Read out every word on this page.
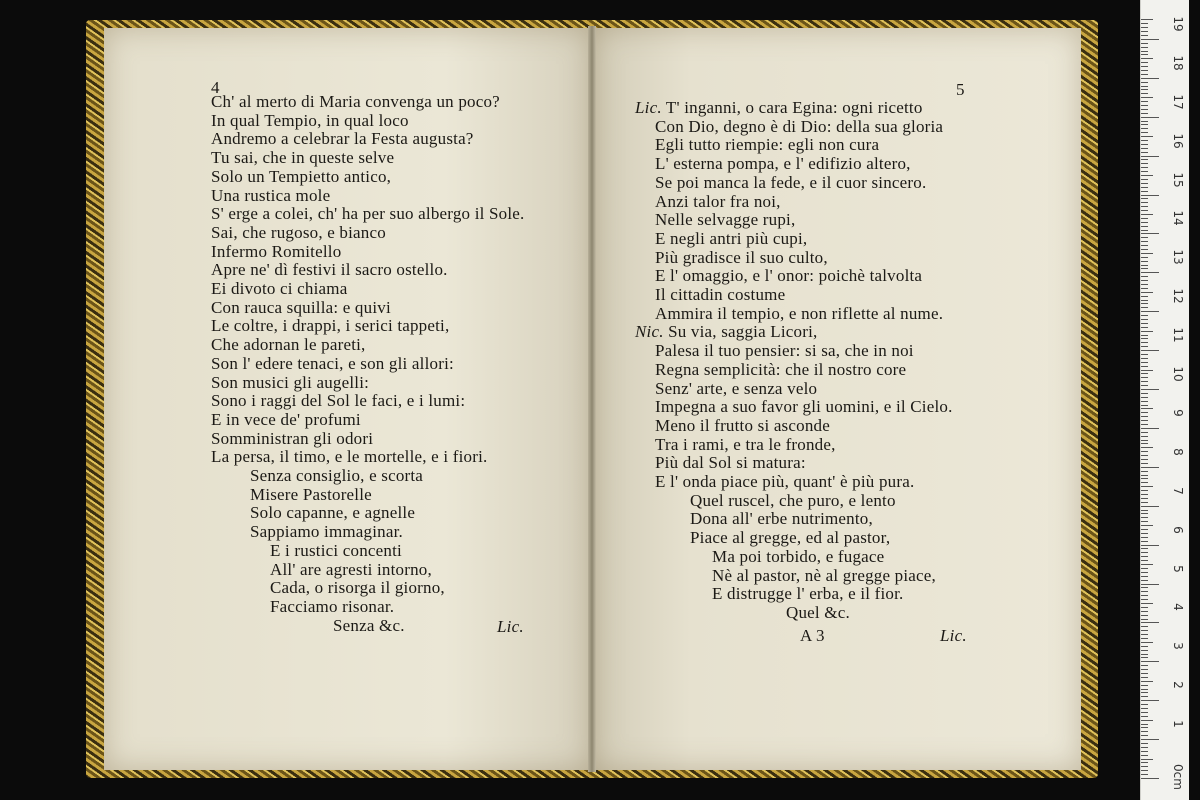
4	5
Ch' al merto di Maria convenga un poco?
In qual Tempio, in qual loco
Andremo a celebrar la Festa augusta?
Tu sai, che in queste selve
Solo un Tempietto antico,
Una rustica mole
S' erge a colei, ch' ha per suo albergo il Sole.
Sai, che rugoso, e bianco
Infermo Romitello
Apre ne' dì festivi il sacro ostello.
Ei divoto ci chiama
Con rauca squilla: e quivi
Le coltre, i drappi, i serici tappeti,
Che adornan le pareti,
Son l' edere tenaci, e son gli allori:
Son musici gli augelli:
Sono i raggi del Sol le faci, e i lumi:
E in vece de' profumi
Somministran gli odori
La persa, il timo, e le mortelle, e i fiori.
Senza consiglio, e scorta
Misere Pastorelle
Solo capanne, e agnelle
Sappiamo immaginar.
E i rustici concenti
All' are agresti intorno,
Cada, o risorga il giorno,
Facciamo risonar.
Senza &c.
Lic. T' inganni, o cara Egina: ogni ricetto
Con Dio, degno è di Dio: della sua gloria
Egli tutto riempie: egli non cura
L' esterna pompa, e l' edifizio altero,
Se poi manca la fede, e il cuor sincero.
Anzi talor fra noi,
Nelle selvagge rupi,
E negli antri più cupi,
Più gradisce il suo culto,
E l' omaggio, e l' onor: poichè talvolta
Il cittadin costume
Ammira il tempio, e non riflette al nume.
Nic. Su via, saggia Licori,
Palesa il tuo pensier: si sa, che in noi
Regna semplicità: che il nostro core
Senz' arte, e senza velo
Impegna a suo favor gli uomini, e il Cielo.
Meno il frutto si asconde
Tra i rami, e tra le fronde,
Più dal Sol si matura:
E l' onda piace più, quant' è più pura.
Quel ruscel, che puro, e lento
Dona all' erbe nutrimento,
Piace al gregge, ed al pastor,
Ma poi torbido, e fugace
Nè al pastor, nè al gregge piace,
E distrugge l' erba, e il fior.
Quel &c.
Lic.	A 3	Lic.
0cm
1
2
3
4
5
6
7
8
9
10
11
12
13
14
15
16
17
18
19
